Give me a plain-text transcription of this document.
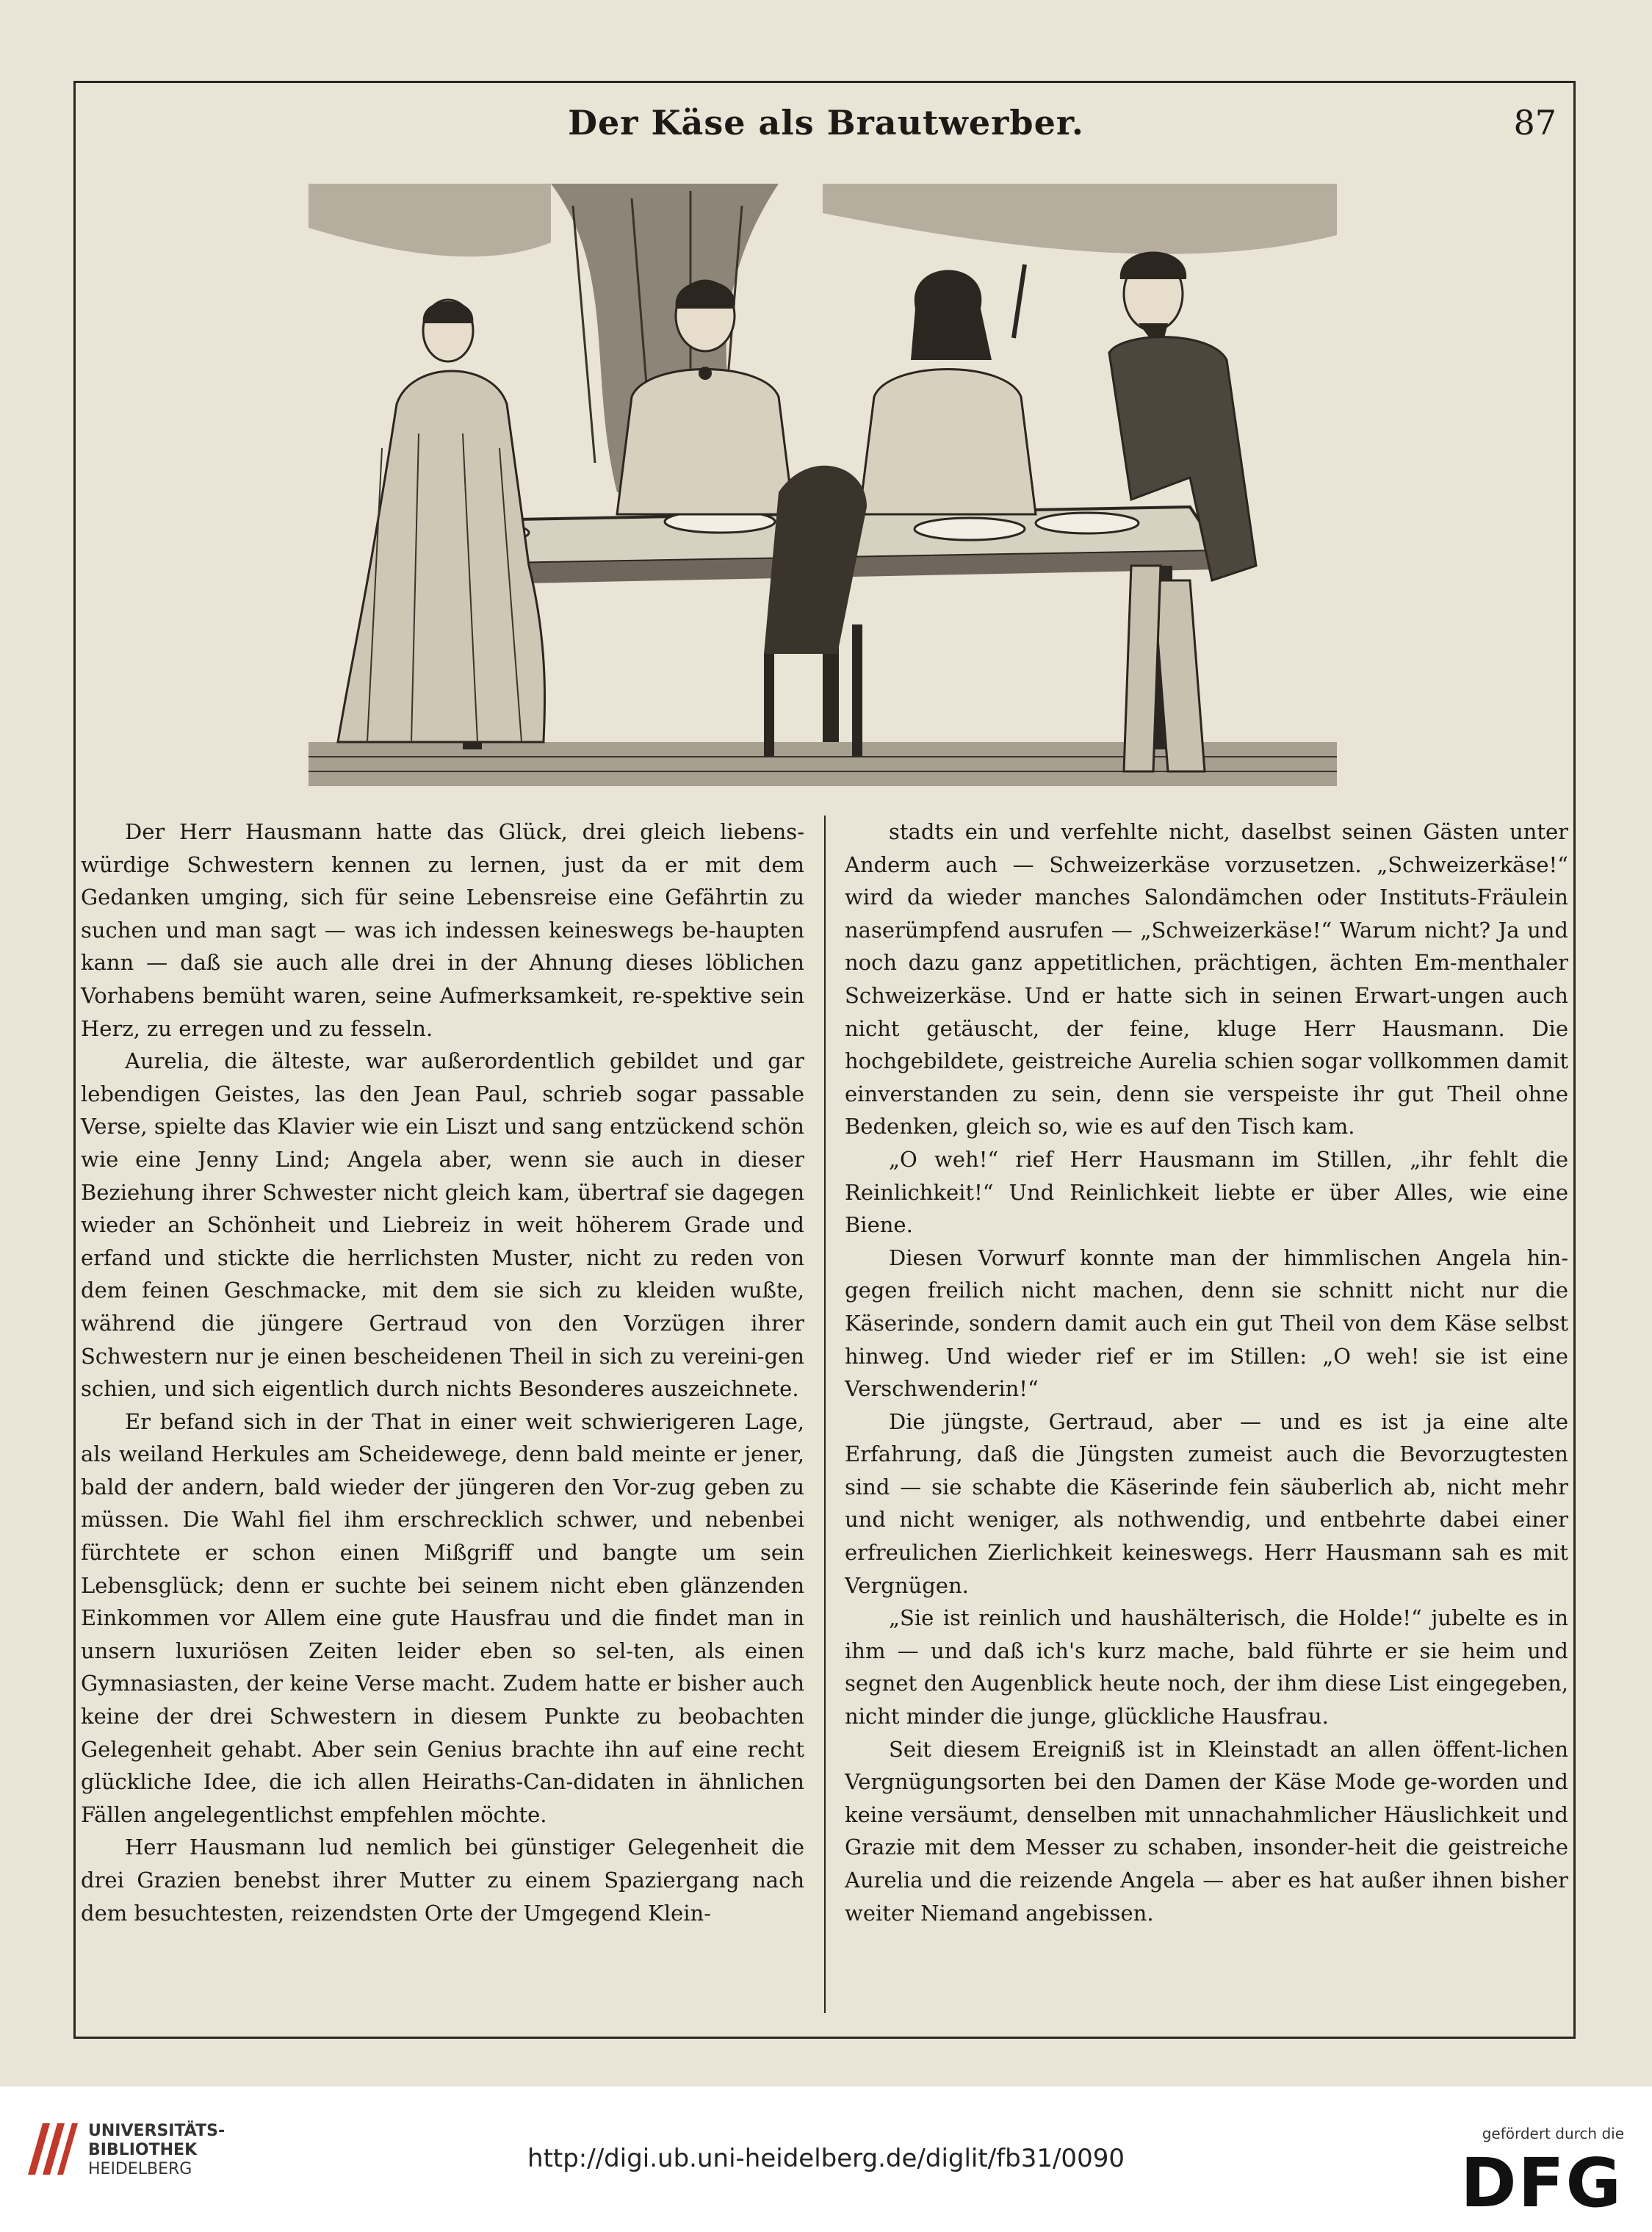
Der Käse als Brautwerber.	87

Der Herr Hausmann hatte das Glück, drei gleich liebens-würdige Schwestern kennen zu lernen, just da er mit dem Gedanken umging, sich für seine Lebensreise eine Gefährtin zu suchen und man sagt — was ich indessen keineswegs be-haupten kann — daß sie auch alle drei in der Ahnung dieses löblichen Vorhabens bemüht waren, seine Aufmerksamkeit, re-spektive sein Herz, zu erregen und zu fesseln.

Aurelia, die älteste, war außerordentlich gebildet und gar lebendigen Geistes, las den Jean Paul, schrieb sogar passable Verse, spielte das Klavier wie ein Liszt und sang entzückend schön wie eine Jenny Lind; Angela aber, wenn sie auch in dieser Beziehung ihrer Schwester nicht gleich kam, übertraf sie dagegen wieder an Schönheit und Liebreiz in weit höherem Grade und erfand und stickte die herrlichsten Muster, nicht zu reden von dem feinen Geschmacke, mit dem sie sich zu kleiden wußte, während die jüngere Gertraud von den Vorzügen ihrer Schwestern nur je einen bescheidenen Theil in sich zu vereini-gen schien, und sich eigentlich durch nichts Besonderes auszeichnete.

Er befand sich in der That in einer weit schwierigeren Lage, als weiland Herkules am Scheidewege, denn bald meinte er jener, bald der andern, bald wieder der jüngeren den Vor-zug geben zu müssen. Die Wahl fiel ihm erschrecklich schwer, und nebenbei fürchtete er schon einen Mißgriff und bangte um sein Lebensglück; denn er suchte bei seinem nicht eben glänzenden Einkommen vor Allem eine gute Hausfrau und die findet man in unsern luxuriösen Zeiten leider eben so sel-ten, als einen Gymnasiasten, der keine Verse macht. Zudem hatte er bisher auch keine der drei Schwestern in diesem Punkte zu beobachten Gelegenheit gehabt. Aber sein Genius brachte ihn auf eine recht glückliche Idee, die ich allen Heiraths-Can-didaten in ähnlichen Fällen angelegentlichst empfehlen möchte.

Herr Hausmann lud nemlich bei günstiger Gelegenheit die drei Grazien benebst ihrer Mutter zu einem Spaziergang nach dem besuchtesten, reizendsten Orte der Umgegend Klein-

stadts ein und verfehlte nicht, daselbst seinen Gästen unter Anderm auch — Schweizerkäse vorzusetzen. „Schweizerkäse!“ wird da wieder manches Salondämchen oder Instituts-Fräulein naserümpfend ausrufen — „Schweizerkäse!“ Warum nicht? Ja und noch dazu ganz appetitlichen, prächtigen, ächten Em-menthaler Schweizerkäse. Und er hatte sich in seinen Erwart-ungen auch nicht getäuscht, der feine, kluge Herr Hausmann. Die hochgebildete, geistreiche Aurelia schien sogar vollkommen damit einverstanden zu sein, denn sie verspeiste ihr gut Theil ohne Bedenken, gleich so, wie es auf den Tisch kam.

„O weh!“ rief Herr Hausmann im Stillen, „ihr fehlt die Reinlichkeit!“ Und Reinlichkeit liebte er über Alles, wie eine Biene.

Diesen Vorwurf konnte man der himmlischen Angela hin-gegen freilich nicht machen, denn sie schnitt nicht nur die Käserinde, sondern damit auch ein gut Theil von dem Käse selbst hinweg. Und wieder rief er im Stillen: „O weh! sie ist eine Verschwenderin!“

Die jüngste, Gertraud, aber — und es ist ja eine alte Erfahrung, daß die Jüngsten zumeist auch die Bevorzugtesten sind — sie schabte die Käserinde fein säuberlich ab, nicht mehr und nicht weniger, als nothwendig, und entbehrte dabei einer erfreulichen Zierlichkeit keineswegs. Herr Hausmann sah es mit Vergnügen.

„Sie ist reinlich und haushälterisch, die Holde!“ jubelte es in ihm — und daß ich's kurz mache, bald führte er sie heim und segnet den Augenblick heute noch, der ihm diese List eingegeben, nicht minder die junge, glückliche Hausfrau.

Seit diesem Ereigniß ist in Kleinstadt an allen öffent-lichen Vergnügungsorten bei den Damen der Käse Mode ge-worden und keine versäumt, denselben mit unnachahmlicher Häuslichkeit und Grazie mit dem Messer zu schaben, insonder-heit die geistreiche Aurelia und die reizende Angela — aber es hat außer ihnen bisher weiter Niemand angebissen.

UNIVERSITÄTS-
BIBLIOTHEK
HEIDELBERG	http://digi.ub.uni-heidelberg.de/diglit/fb31/0090
gefördert durch die
DFG
